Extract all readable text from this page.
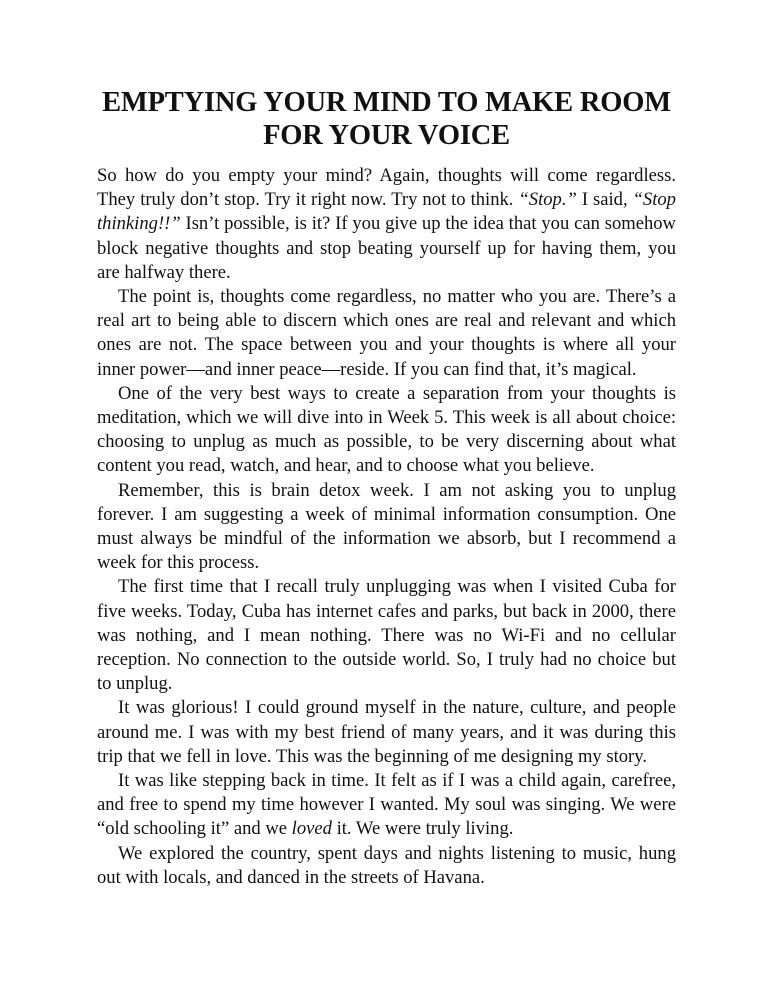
EMPTYING YOUR MIND TO MAKE ROOM
FOR YOUR VOICE

So how do you empty your mind? Again, thoughts will come regardless. They truly don’t stop. Try it right now. Try not to think. “Stop.” I said, “Stop thinking!!” Isn’t possible, is it? If you give up the idea that you can somehow block negative thoughts and stop beating yourself up for having them, you are halfway there.

The point is, thoughts come regardless, no matter who you are. There’s a real art to being able to discern which ones are real and relevant and which ones are not. The space between you and your thoughts is where all your inner power—and inner peace—reside. If you can find that, it’s magical.

One of the very best ways to create a separation from your thoughts is meditation, which we will dive into in Week 5. This week is all about choice: choosing to unplug as much as possible, to be very discerning about what content you read, watch, and hear, and to choose what you believe.

Remember, this is brain detox week. I am not asking you to unplug forever. I am suggesting a week of minimal information consumption. One must always be mindful of the information we absorb, but I recommend a week for this process.

The first time that I recall truly unplugging was when I visited Cuba for five weeks. Today, Cuba has internet cafes and parks, but back in 2000, there was nothing, and I mean nothing. There was no Wi-Fi and no cellular reception. No connection to the outside world. So, I truly had no choice but to unplug.

It was glorious! I could ground myself in the nature, culture, and people around me. I was with my best friend of many years, and it was during this trip that we fell in love. This was the beginning of me designing my story.

It was like stepping back in time. It felt as if I was a child again, carefree, and free to spend my time however I wanted. My soul was singing. We were “old schooling it” and we loved it. We were truly living.

We explored the country, spent days and nights listening to music, hung out with locals, and danced in the streets of Havana.
